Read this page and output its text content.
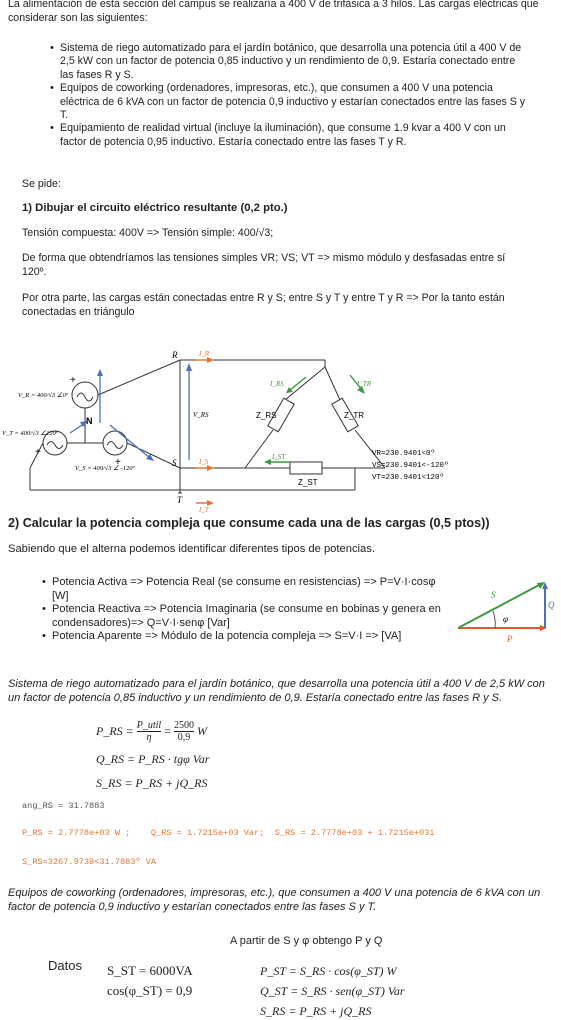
La alimentación de esta sección del campus se realizaría a 400 V de trifásica a 3 hilos. Las cargas eléctricas que considerar son las siguientes:

• Sistema de riego automatizado para el jardín botánico, que desarrolla una potencia útil a 400 V de 2,5 kW con un factor de potencia 0,85 inductivo y un rendimiento de 0,9. Estaría conectado entre las fases R y S.
• Equipos de coworking (ordenadores, impresoras, etc.), que consumen a 400 V una potencia eléctrica de 6 kVA con un factor de potencia 0,9 inductivo y estarían conectados entre las fases S y T.
• Equipamiento de realidad virtual (incluye la iluminación), que consume 1.9 kvar a 400 V con un factor de potencia 0,95 inductivo. Estaría conectado entre las fases T y R.

Se pide:

1) Dibujar el circuito eléctrico resultante (0,2 pto.)

Tensión compuesta: 400V => Tensión simple: 400/√3;

De forma que obtendríamos las tensiones simples VR; VS; VT => mismo módulo y desfasadas entre sí 120º.

Por otra parte, las cargas están conectadas entre R y S; entre S y T y entre T y R => Por la tanto están conectadas en triángulo

R
S
T
N
I_R
I_S
I_T
I_RS	I_TR
I_ST
V_RS	Z_RS	Z_TR
Z_ST
V_R = 400/√3 ∠0º
V_T = 400/√3 ∠120º
V_S = 400/√3 ∠ -120º
+
+
+
VR=230.9401<0º
VS=230.9401<-120º
VT=230.9401<120º

2) Calcular la potencia compleja que consume cada una de las cargas (0,5 ptos))

Sabiendo que el alterna podemos identificar diferentes tipos de potencias.

• Potencia Activa => Potencia Real (se consume en resistencias) => P=V·I·cosφ [W]
• Potencia Reactiva => Potencia Imaginaria (se consume en bobinas y genera en condensadores)=> Q=V·I·senφ [Var]
• Potencia Aparente => Módulo de la potencia compleja => S=V·I => [VA]
S
Q
P
φ

Sistema de riego automatizado para el jardín botánico, que desarrolla una potencia útil a 400 V de 2,5 kW con un factor de potencia 0,85 inductivo y un rendimiento de 0,9. Estaría conectado entre las fases R y S.

P_RS = P_util
$\eta = \frac{2500}{0,9}$ W
Q_RS = P_RS · tgφ Var
S_RS = P_RS + jQ_RS
ang_RS = 31.7883
P_RS = 2.7778e+03 W ;    Q_RS = 1.7215e+03 Var;  S_RS = 2.7778e+03 + 1.7215e+03i
S_RS=3267.9739<31.7883º VA

Equipos de coworking (ordenadores, impresoras, etc.), que consumen a 400 V una potencia de 6 kVA con un factor de potencia 0,9 inductivo y estarían conectados entre las fases S y T.

A partir de S y φ obtengo P y Q
Datos S_ST = 6000VA
cos(φ_ST) = 0,9
P_ST = S_RS · cos(φ_ST) W
Q_ST = S_RS · sen(φ_ST) Var
S_RS = P_RS + jQ_RS
